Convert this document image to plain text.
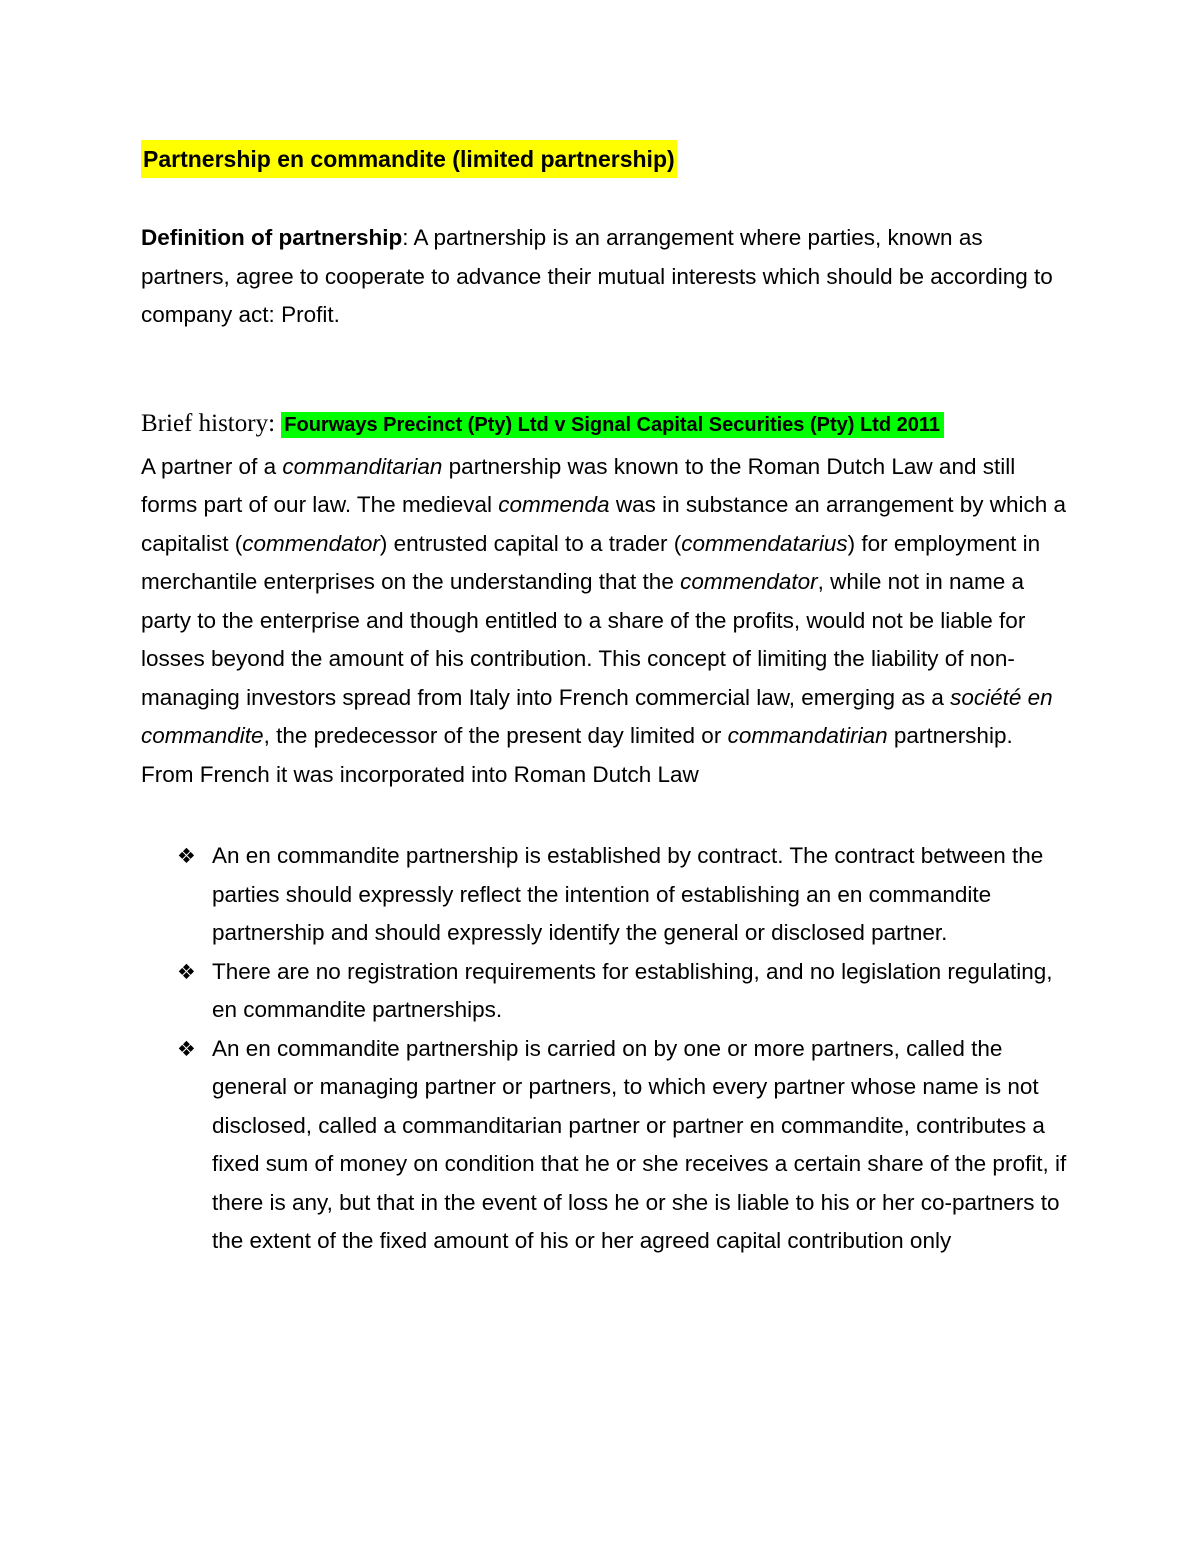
Partnership en commandite (limited partnership)

Definition of partnership: A partnership is an arrangement where parties, known as partners, agree to cooperate to advance their mutual interests which should be according to company act: Profit.

Brief history: Fourways Precinct (Pty) Ltd v Signal Capital Securities (Pty) Ltd 2011

A partner of a commanditarian partnership was known to the Roman Dutch Law and still forms part of our law. The medieval commenda was in substance an arrangement by which a capitalist (commendator) entrusted capital to a trader (commendatarius) for employment in merchantile enterprises on the understanding that the commendator, while not in name a party to the enterprise and though entitled to a share of the profits, would not be liable for losses beyond the amount of his contribution. This concept of limiting the liability of non-managing investors spread from Italy into French commercial law, emerging as a société en commandite, the predecessor of the present day limited or commandatirian partnership. From French it was incorporated into Roman Dutch Law

❖ An en commandite partnership is established by contract. The contract between the parties should expressly reflect the intention of establishing an en commandite partnership and should expressly identify the general or disclosed partner.
❖ There are no registration requirements for establishing, and no legislation regulating, en commandite partnerships.
❖ An en commandite partnership is carried on by one or more partners, called the general or managing partner or partners, to which every partner whose name is not disclosed, called a commanditarian partner or partner en commandite, contributes a fixed sum of money on condition that he or she receives a certain share of the profit, if there is any, but that in the event of loss he or she is liable to his or her co-partners to the extent of the fixed amount of his or her agreed capital contribution only
